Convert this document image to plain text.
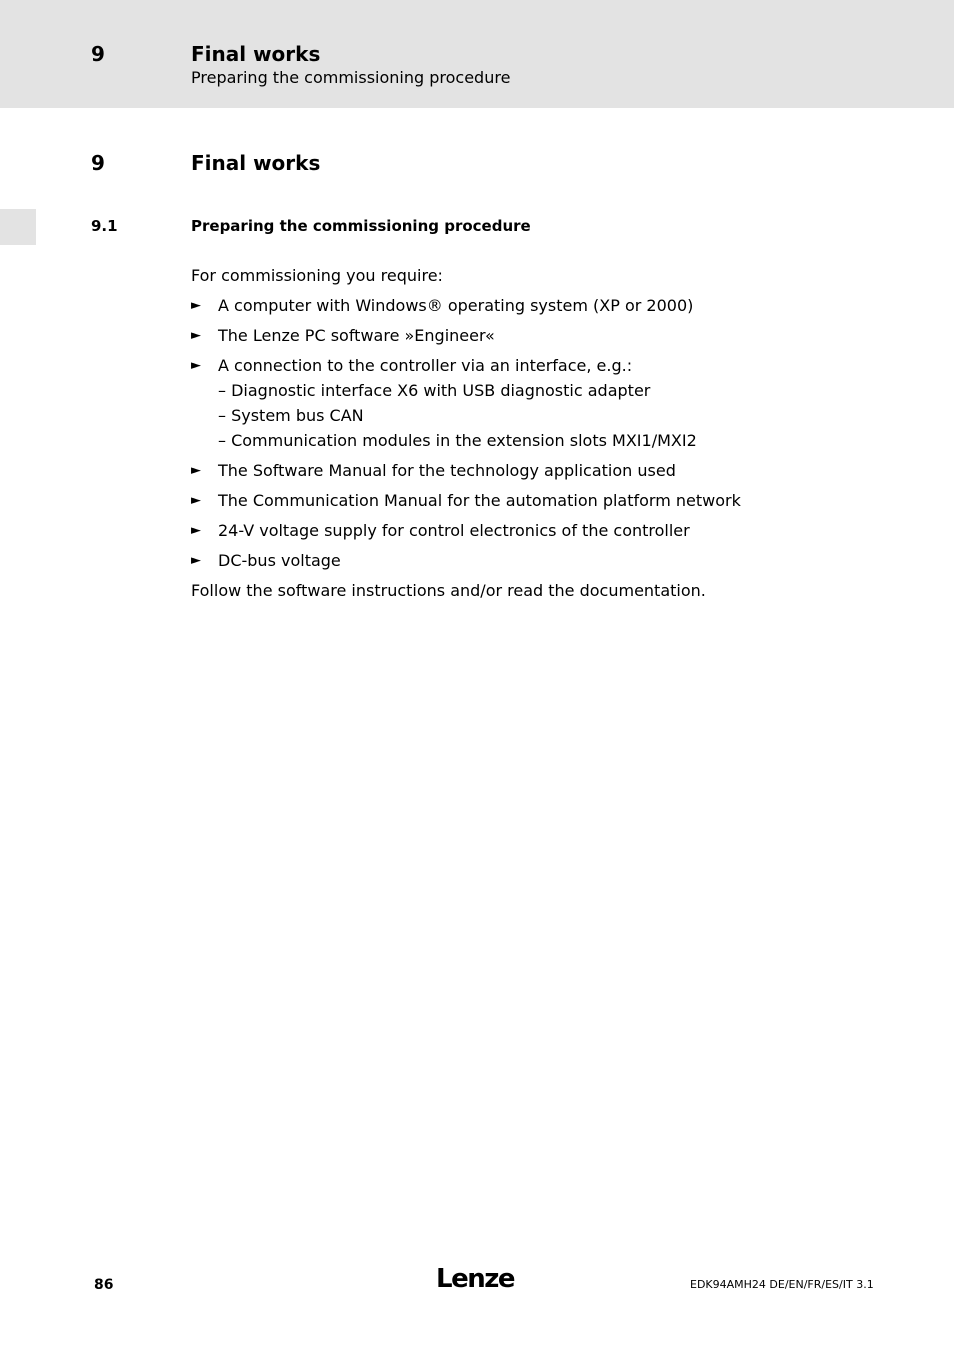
9	Final works
Preparing the commissioning procedure
9	Final works
9.1	Preparing the commissioning procedure
For commissioning you require:
► A computer with Windows® operating system (XP or 2000)
► The Lenze PC software »Engineer«
► A connection to the controller via an interface, e.g.:
– Diagnostic interface X6 with USB diagnostic adapter
– System bus CAN
– Communication modules in the extension slots MXI1/MXI2
► The Software Manual for the technology application used
► The Communication Manual for the automation platform network
► 24-V voltage supply for control electronics of the controller
► DC-bus voltage
Follow the software instructions and/or read the documentation.
86	Lenze	EDK94AMH24 DE/EN/FR/ES/IT 3.1
